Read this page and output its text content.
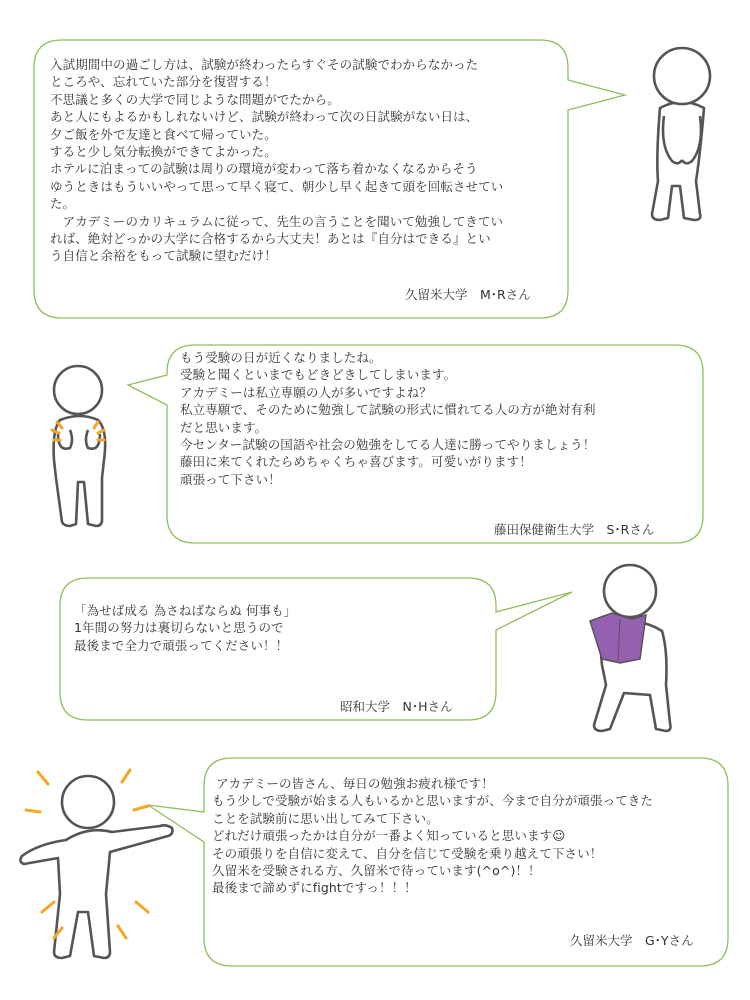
入試期間中の過ごし方は、試験が終わったらすぐその試験でわからなかった
ところや、忘れていた部分を復習する！
不思議と多くの大学で同じような問題がでたから。
あと人にもよるかもしれないけど、試験が終わって次の日試験がない日は、
夕ご飯を外で友達と食べて帰っていた。
すると少し気分転換ができてよかった。
ホテルに泊まっての試験は周りの環境が変わって落ち着かなくなるからそう
ゆうときはもういいやって思って早く寝て、朝少し早く起きて頭を回転させてい
た。
　アカデミーのカリキュラムに従って、先生の言うことを聞いて勉強してきてい
れば、絶対どっかの大学に合格するから大丈夫！あとは『自分はできる』とい
う自信と余裕をもって試験に望むだけ！
久留米大学　M･Rさん
もう受験の日が近くなりましたね。
受験と聞くといまでもどきどきしてしまいます。
アカデミーは私立専願の人が多いですよね？
私立専願で、そのために勉強して試験の形式に慣れてる人の方が絶対有利
だと思います。
今センター試験の国語や社会の勉強をしてる人達に勝ってやりましょう！
藤田に来てくれたらめちゃくちゃ喜びます。可愛いがります！
頑張って下さい！
藤田保健衛生大学　S･Rさん
「為せば成る 為さねばならぬ 何事も」
1年間の努力は裏切らないと思うので
最後まで全力で頑張ってください！！
昭和大学　N･Hさん
アカデミーの皆さん、毎日の勉強お疲れ様です！
もう少しで受験が始まる人もいるかと思いますが、今まで自分が頑張ってきた
ことを試験前に思い出してみて下さい。
どれだけ頑張ったかは自分が一番よく知っていると思います☺
その頑張りを自信に変えて、自分を信じて受験を乗り越えて下さい！
久留米を受験される方、久留米で待っています(^o^)！！
最後まで諦めずにfightですっ！！！
久留米大学　G･Yさん
